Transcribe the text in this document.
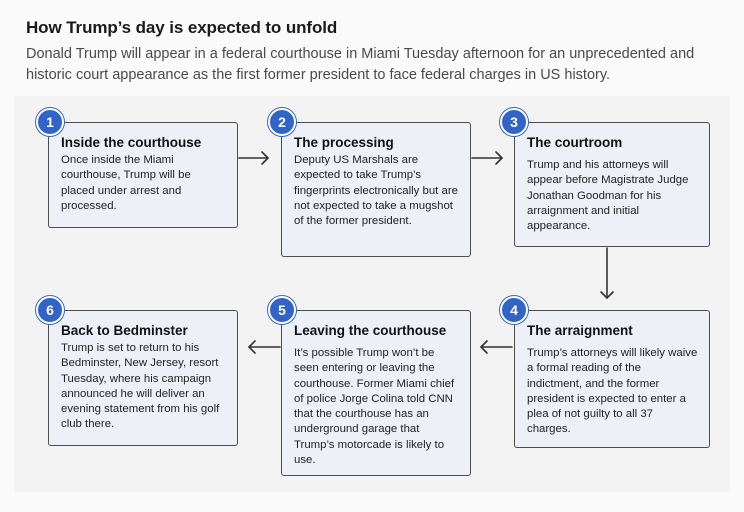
How Trump’s day is expected to unfold
Donald Trump will appear in a federal courthouse in Miami Tuesday afternoon for an unprecedented and historic court appearance as the first former president to face federal charges in US history.
Inside the courthouse

Once inside the Miami courthouse, Trump will be placed under arrest and processed.

1
The processing

Deputy US Marshals are expected to take Trump’s fingerprints electronically but are not expected to take a mugshot of the former president.

2
The courtroom

Trump and his attorneys will appear before Magistrate Judge Jonathan Goodman for his arraignment and initial appearance.

3
Back to Bedminster

Trump is set to return to his Bedminster, New Jersey, resort Tuesday, where his campaign announced he will deliver an evening statement from his golf club there.

6
Leaving the courthouse

It’s possible Trump won’t be seen entering or leaving the courthouse. Former Miami chief of police Jorge Colina told CNN that the courthouse has an underground garage that Trump’s motorcade is likely to use.

5
The arraignment

Trump’s attorneys will likely waive a formal reading of the indictment, and the former president is expected to enter a plea of not guilty to all 37 charges.

4
